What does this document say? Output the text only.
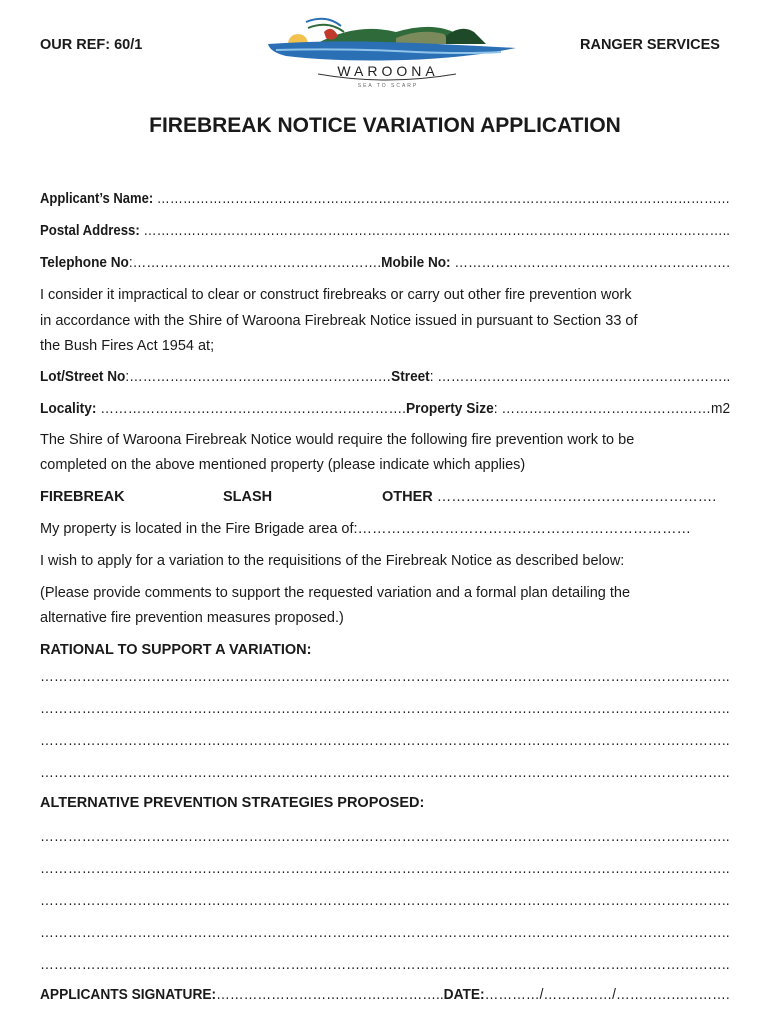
OUR REF: 60/1	RANGER SERVICES
WAROONA
SEA TO SCARP
FIREBREAK NOTICE VARIATION APPLICATION
Applicant’s Name: ……………………………………………………………………………………………………………………
Postal Address: ……………………………………………………………………………………………………………………..
Telephone No:……………………………………………….Mobile No: …………………………………………………….
I consider it impractical to clear or construct firebreaks or carry out other fire prevention work
in accordance with the Shire of Waroona Firebreak Notice issued in pursuant to Section 33 of
the Bush Fires Act 1954 at;
Lot/Street No:……………………………………………….…Street: ………………………………………………………..
Locality: ………………………………………………………….Property Size: ………………………………….……m2
The Shire of Waroona Firebreak Notice would require the following fire prevention work to be
completed on the above mentioned property (please indicate which applies)
FIREBREAK	SLASH	OTHER ………………………………………………….
My property is located in the Fire Brigade area of:……………………………………………………………
I wish to apply for a variation to the requisitions of the Firebreak Notice as described below:
(Please provide comments to support the requested variation and a formal plan detailing the
alternative fire prevention measures proposed.)
RATIONAL TO SUPPORT A VARIATION:
…………………………………………………………………………………………………………………………………..
…………………………………………………………………………………………………………………………………..
…………………………………………………………………………………………………………………………………..
…………………………………………………………………………………………………………………………………..
ALTERNATIVE PREVENTION STRATEGIES PROPOSED:
…………………………………………………………………………………………………………………………………..
…………………………………………………………………………………………………………………………………..
…………………………………………………………………………………………………………………………………..
…………………………………………………………………………………………………………………………………..
…………………………………………………………………………………………………………………………………..
APPLICANTS SIGNATURE:…………………………………………..DATE:…………/……………/…………………….
